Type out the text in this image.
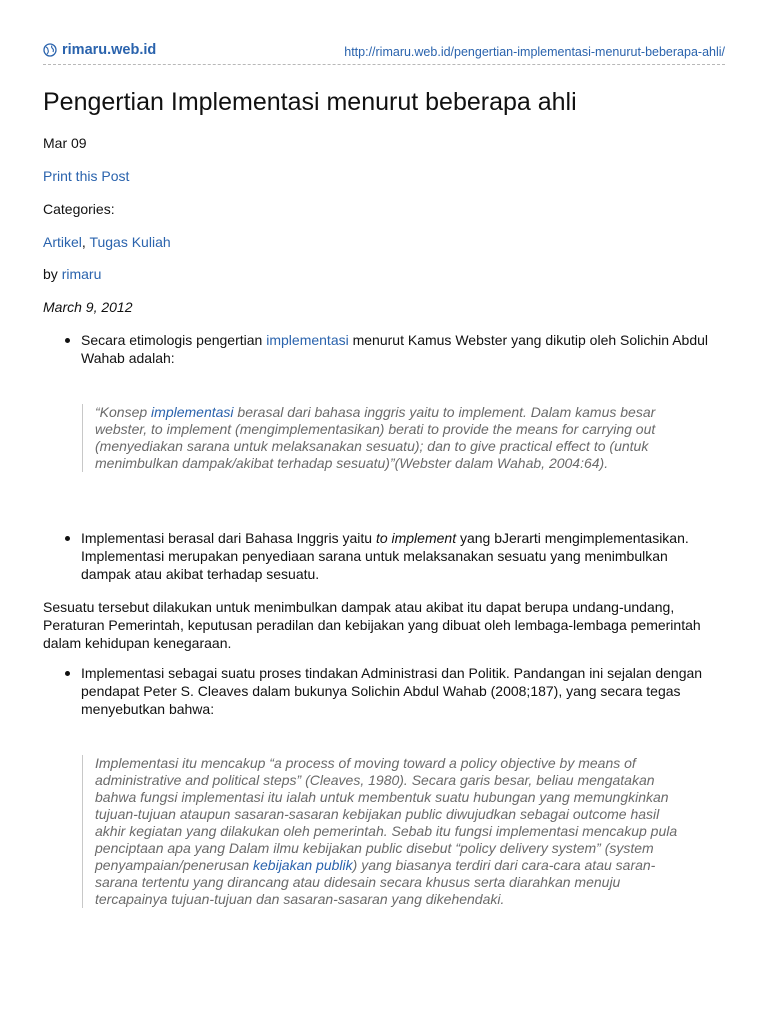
rimaru.web.id	http://rimaru.web.id/pengertian-implementasi-menurut-beberapa-ahli/
Pengertian Implementasi menurut beberapa ahli
Mar 09
Print this Post
Categories:
Artikel, Tugas Kuliah
by rimaru
March 9, 2012
Secara etimologis pengertian implementasi menurut Kamus Webster yang dikutip oleh Solichin Abdul Wahab adalah:
“Konsep implementasi berasal dari bahasa inggris yaitu to implement. Dalam kamus besar webster, to implement (mengimplementasikan) berati to provide the means for carrying out (menyediakan sarana untuk melaksanakan sesuatu); dan to give practical effect to (untuk menimbulkan dampak/akibat terhadap sesuatu)”(Webster dalam Wahab, 2004:64).
Implementasi berasal dari Bahasa Inggris yaitu to implement yang bJerarti mengimplementasikan. Implementasi merupakan penyediaan sarana untuk melaksanakan sesuatu yang menimbulkan dampak atau akibat terhadap sesuatu.
Sesuatu tersebut dilakukan untuk menimbulkan dampak atau akibat itu dapat berupa undang-undang, Peraturan Pemerintah, keputusan peradilan dan kebijakan yang dibuat oleh lembaga-lembaga pemerintah dalam kehidupan kenegaraan.
Implementasi sebagai suatu proses tindakan Administrasi dan Politik. Pandangan ini sejalan dengan pendapat Peter S. Cleaves dalam bukunya Solichin Abdul Wahab (2008;187), yang secara tegas menyebutkan bahwa:
Implementasi itu mencakup “a process of moving toward a policy objective by means of administrative and political steps” (Cleaves, 1980). Secara garis besar, beliau mengatakan bahwa fungsi implementasi itu ialah untuk membentuk suatu hubungan yang memungkinkan tujuan-tujuan ataupun sasaran-sasaran kebijakan public diwujudkan sebagai outcome hasil akhir kegiatan yang dilakukan oleh pemerintah. Sebab itu fungsi implementasi mencakup pula penciptaan apa yang Dalam ilmu kebijakan public disebut “policy delivery system” (system penyampaian/penerusan kebijakan publik) yang biasanya terdiri dari cara-cara atau saran-sarana tertentu yang dirancang atau didesain secara khusus serta diarahkan menuju tercapainya tujuan-tujuan dan sasaran-sasaran yang dikehendaki.
